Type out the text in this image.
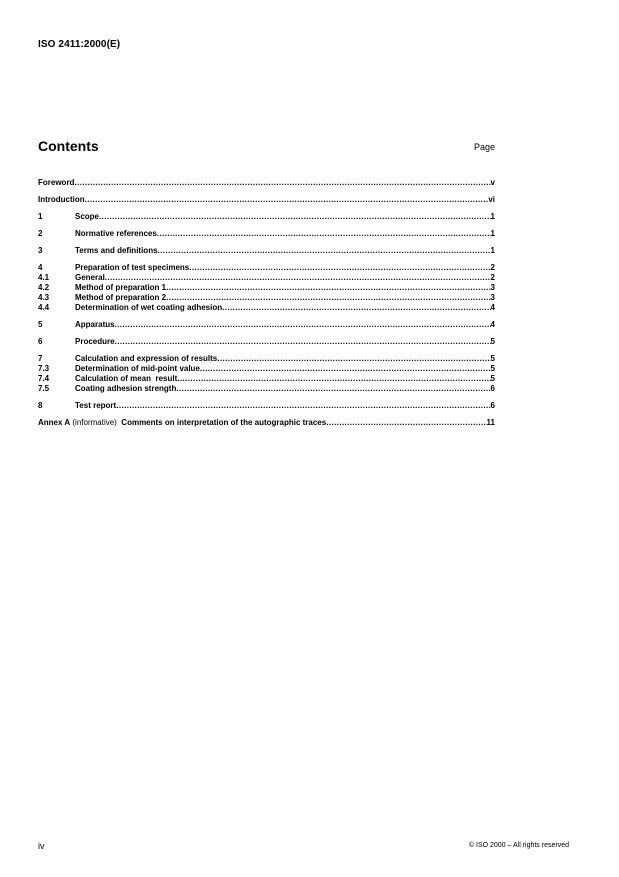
ISO 2411:2000(E)
Contents	Page
Foreword .....	v
Introduction .....	vi
1	Scope .....	1
2	Normative references .....	1
3	Terms and definitions .....	1
4	Preparation of test specimens .....	2
4.1	General .....	2
4.2	Method of preparation 1 .....	3
4.3	Method of preparation 2 .....	3
4.4	Determination of wet coating adhesion .....	4
5	Apparatus .....	4
6	Procedure .....	5
7	Calculation and expression of results .....	5
7.3	Determination of mid-point value .....	5
7.4	Calculation of mean  result .....	5
7.5	Coating adhesion strength .....	6
8	Test report .....	6
Annex A (informative)  Comments on interpretation of the autographic traces .....	11
iv	© ISO 2000 – All rights reserved
